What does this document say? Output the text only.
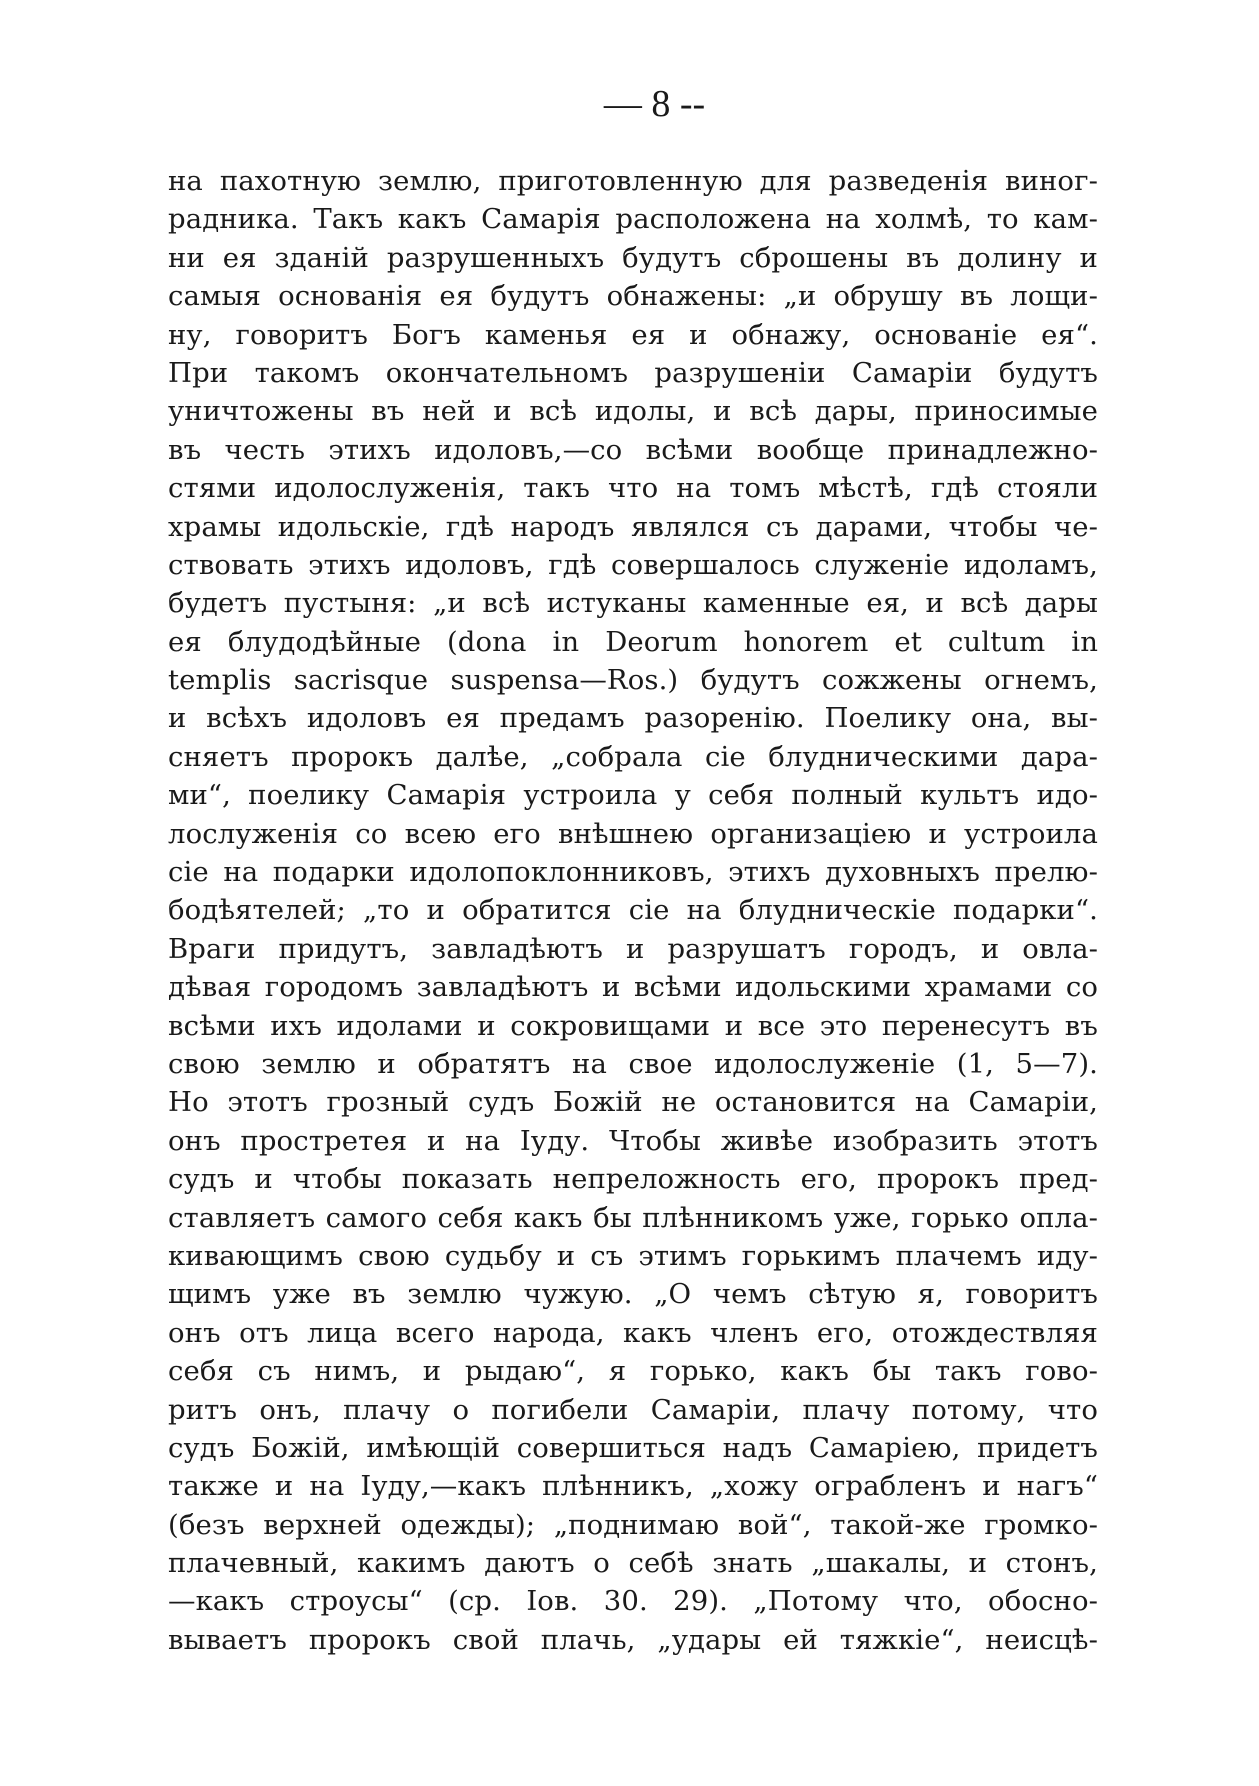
— 8 --
на пахотную землю, приготовленную для разведенія виног-
радника. Такъ какъ Самарія расположена на холмѣ, то кам-
ни ея зданій разрушенныхъ будутъ сброшены въ долину и
самыя основанія ея будутъ обнажены: „и обрушу въ лощи-
ну, говоритъ Богъ каменья ея и обнажу, основаніе ея“.
При такомъ окончательномъ разрушеніи Самаріи будутъ
уничтожены въ ней и всѣ идолы, и всѣ дары, приносимые
въ честь этихъ идоловъ,—со всѣми вообще принадлежно-
стями идолослуженія, такъ что на томъ мѣстѣ, гдѣ стояли
храмы идольскіе, гдѣ народъ являлся съ дарами, чтобы че-
ствовать этихъ идоловъ, гдѣ совершалось служеніе идоламъ,
будетъ пустыня: „и всѣ истуканы каменные ея, и всѣ дары
ея блудодѣйные (dona in Deorum honorem et cultum in
templis sacrisque suspensa—Ros.) будутъ сожжены огнемъ,
и всѣхъ идоловъ ея предамъ разоренію. Поелику она, вы-
сняетъ пророкъ далѣе, „собрала сіе блудническими дара-
ми“, поелику Самарія устроила у себя полный культъ идо-
лослуженія со всею его внѣшнею организаціею и устроила
сіе на подарки идолопоклонниковъ, этихъ духовныхъ прелю-
бодѣятелей; „то и обратится сіе на блудническіе подарки“.
Враги придутъ, завладѣютъ и разрушатъ городъ, и овла-
дѣвая городомъ завладѣютъ и всѣми идольскими храмами со
всѣми ихъ идолами и сокровищами и все это перенесутъ въ
свою землю и обратятъ на свое идолослуженіе (1, 5—7).
Но этотъ грозный судъ Божій не остановится на Самаріи,
онъ простретея и на Іуду. Чтобы живѣе изобразить этотъ
судъ и чтобы показать непреложность его, пророкъ пред-
ставляетъ самого себя какъ бы плѣнникомъ уже, горько опла-
кивающимъ свою судьбу и съ этимъ горькимъ плачемъ иду-
щимъ уже въ землю чужую. „О чемъ сѣтую я, говоритъ
онъ отъ лица всего народа, какъ членъ его, отождествляя
себя съ нимъ, и рыдаю“, я горько, какъ бы такъ гово-
ритъ онъ, плачу о погибели Самаріи, плачу потому, что
судъ Божій, имѣющій совершиться надъ Самаріею, придетъ
также и на Іуду,—какъ плѣнникъ, „хожу ограбленъ и нагъ“
(безъ верхней одежды); „поднимаю вой“, такой-же громко-
плачевный, какимъ даютъ о себѣ знать „шакалы, и стонъ,
—какъ строусы“ (ср. Іов. 30. 29). „Потому что, обосно-
вываетъ пророкъ свой плачь, „удары ей тяжкіе“, неисцѣ-
